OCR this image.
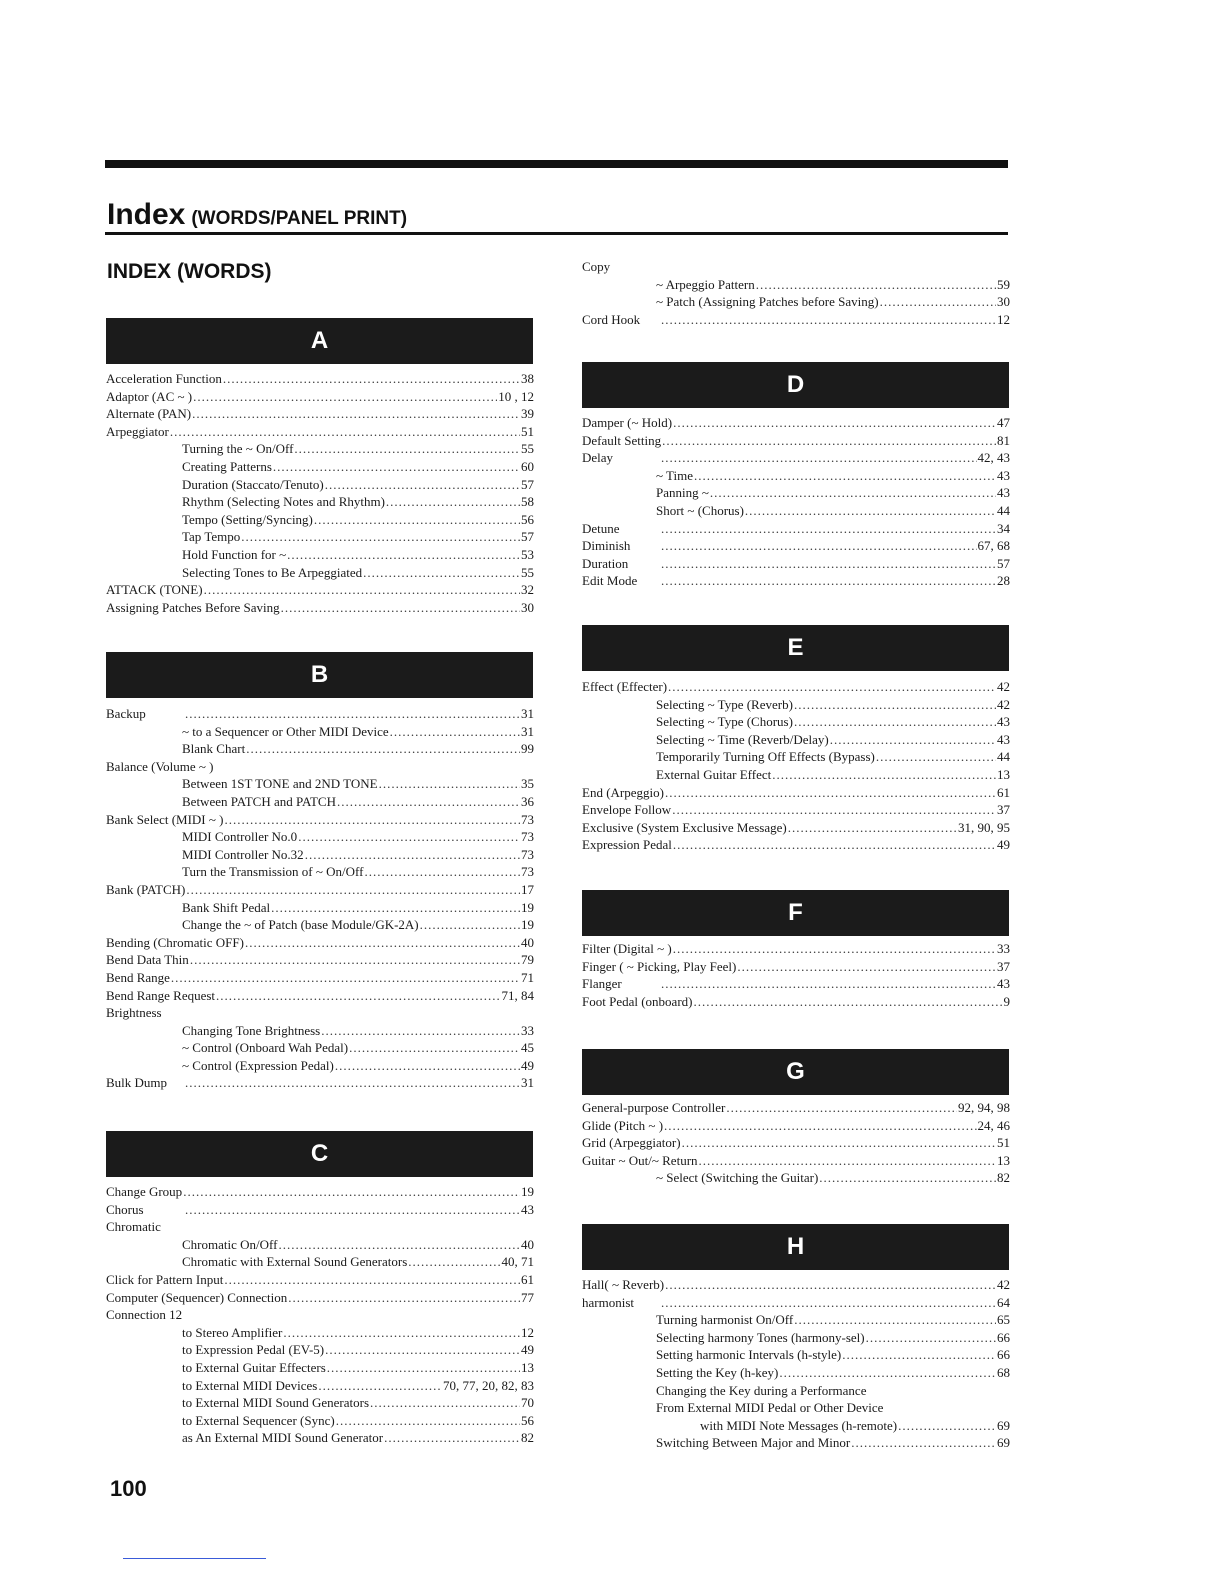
Index (WORDS/PANEL PRINT)
INDEX (WORDS)
A
Acceleration Function .....	38
Adaptor (AC ~ ) .....	10 , 12
Alternate (PAN) .....	39
Arpeggiator .....	51
Turning the ~ On/Off .....	55
Creating Patterns .....	60
Duration (Staccato/Tenuto) .....	57
Rhythm (Selecting Notes and Rhythm) .....	58
Tempo (Setting/Syncing) .....	56
Tap Tempo .....	57
Hold Function for ~ .....	53
Selecting Tones to Be Arpeggiated .....	55
ATTACK (TONE) .....	32
Assigning Patches Before Saving .....	30
B
Backup .....	31
~ to a Sequencer or Other MIDI Device .....	31
Blank Chart .....	99
Balance (Volume ~ )
Between 1ST TONE and 2ND TONE .....	35
Between PATCH and PATCH .....	36
Bank Select (MIDI ~ ) .....	73
MIDI Controller No.0 .....	73
MIDI Controller No.32 .....	73
Turn the Transmission of ~ On/Off .....	73
Bank (PATCH) .....	17
Bank Shift Pedal .....	19
Change the ~ of Patch (base Module/GK-2A) .....	19
Bending (Chromatic OFF) .....	40
Bend Data Thin .....	79
Bend Range .....	71
Bend Range Request .....	71, 84
Brightness
Changing Tone Brightness .....	33
~ Control (Onboard Wah Pedal) .....	45
~ Control (Expression Pedal) .....	49
Bulk Dump .....	31
C
Change Group .....	19
Chorus .....	43
Chromatic
Chromatic On/Off .....	40
Chromatic with External Sound Generators .....	40, 71
Click for Pattern Input .....	61
Computer (Sequencer) Connection .....	77
Connection 12
to Stereo Amplifier .....	12
to Expression Pedal (EV-5) .....	49
to External Guitar Effecters .....	13
to External MIDI Devices .....	70, 77, 20, 82, 83
to External MIDI Sound Generators .....	70
to External Sequencer (Sync) .....	56
as An External MIDI Sound Generator .....	82
Copy
~ Arpeggio Pattern .....	59
~ Patch (Assigning Patches before Saving) .....	30
Cord Hook .....	12
D
Damper (~ Hold) .....	47
Default Setting .....	81
Delay .....	42, 43
~ Time .....	43
Panning ~ .....	43
Short ~ (Chorus) .....	44
Detune .....	34
Diminish .....	67, 68
Duration .....	57
Edit Mode .....	28
E
Effect (Effecter) .....	42
Selecting ~ Type (Reverb) .....	42
Selecting ~ Type (Chorus) .....	43
Selecting ~ Time (Reverb/Delay) .....	43
Temporarily Turning Off Effects (Bypass) .....	44
External Guitar Effect .....	13
End (Arpeggio) .....	61
Envelope Follow .....	37
Exclusive (System Exclusive Message) .....	31, 90, 95
Expression Pedal .....	49
F
Filter (Digital ~ ) .....	33
Finger ( ~ Picking, Play Feel) .....	37
Flanger .....	43
Foot Pedal (onboard) .....	9
G
General-purpose Controller .....	92, 94, 98
Glide (Pitch ~ ) .....	24, 46
Grid (Arpeggiator) .....	51
Guitar ~ Out/~ Return .....	13
~ Select (Switching the Guitar) .....	82
H
Hall( ~ Reverb) .....	42
harmonist .....	64
Turning harmonist On/Off .....	65
Selecting harmony Tones (harmony-sel) .....	66
Setting harmonic Intervals (h-style) .....	66
Setting the Key (h-key) .....	68
Changing the Key during a Performance
From External MIDI Pedal or Other Device
with MIDI Note Messages (h-remote) .....	69
Switching Between Major and Minor .....	69
100
